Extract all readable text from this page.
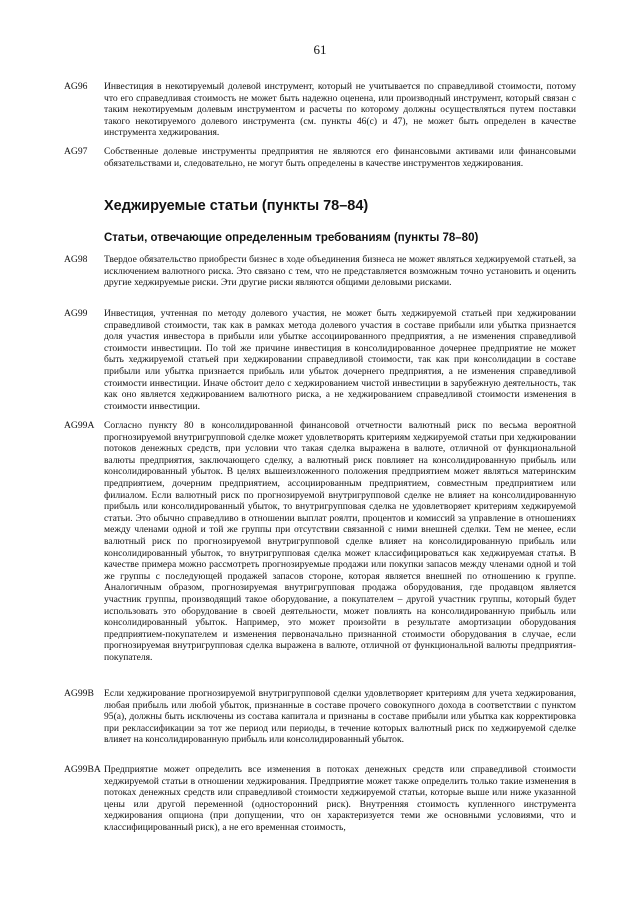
61
AG96	Инвестиция в некотируемый долевой инструмент, который не учитывается по справедливой стоимости, потому что его справедливая стоимость не может быть надежно оценена, или производный инструмент, который связан с таким некотируемым долевым инструментом и расчеты по которому должны осуществляться путем поставки такого некотируемого долевого инструмента (см. пункты 46(c) и 47), не может быть определен в качестве инструмента хеджирования.
AG97	Собственные долевые инструменты предприятия не являются его финансовыми активами или финансовыми обязательствами и, следовательно, не могут быть определены в качестве инструментов хеджирования.
Хеджируемые статьи (пункты 78–84)
Статьи, отвечающие определенным требованиям (пункты 78–80)
AG98	Твердое обязательство приобрести бизнес в ходе объединения бизнеса не может являться хеджируемой статьей, за исключением валютного риска. Это связано с тем, что не представляется возможным точно установить и оценить другие хеджируемые риски. Эти другие риски являются общими деловыми рисками.
AG99	Инвестиция, учтенная по методу долевого участия, не может быть хеджируемой статьей при хеджировании справедливой стоимости, так как в рамках метода долевого участия в составе прибыли или убытка признается доля участия инвестора в прибыли или убытке ассоциированного предприятия, а не изменения справедливой стоимости инвестиции. По той же причине инвестиция в консолидированное дочернее предприятие не может быть хеджируемой статьей при хеджировании справедливой стоимости, так как при консолидации в составе прибыли или убытка признается прибыль или убыток дочернего предприятия, а не изменения справедливой стоимости инвестиции. Иначе обстоит дело с хеджированием чистой инвестиции в зарубежную деятельность, так как оно является хеджированием валютного риска, а не хеджированием справедливой стоимости изменения в стоимости инвестиции.
AG99A	Согласно пункту 80 в консолидированной финансовой отчетности валютный риск по весьма вероятной прогнозируемой внутригрупповой сделке может удовлетворять критериям хеджируемой статьи при хеджировании потоков денежных средств, при условии что такая сделка выражена в валюте, отличной от функциональной валюты предприятия, заключающего сделку, а валютный риск повлияет на консолидированную прибыль или консолидированный убыток. В целях вышеизложенного положения предприятием может являться материнским предприятием, дочерним предприятием, ассоциированным предприятием, совместным предприятием или филиалом. Если валютный риск по прогнозируемой внутригрупповой сделке не влияет на консолидированную прибыль или консолидированный убыток, то внутригрупповая сделка не удовлетворяет критериям хеджируемой статьи. Это обычно справедливо в отношении выплат роялти, процентов и комиссий за управление в отношениях между членами одной и той же группы при отсутствии связанной с ними внешней сделки. Тем не менее, если валютный риск по прогнозируемой внутригрупповой сделке влияет на консолидированную прибыль или консолидированный убыток, то внутригрупповая сделка может классифицироваться как хеджируемая статья. В качестве примера можно рассмотреть прогнозируемые продажи или покупки запасов между членами одной и той же группы с последующей продажей запасов стороне, которая является внешней по отношению к группе. Аналогичным образом, прогнозируемая внутригрупповая продажа оборудования, где продавцом является участник группы, производящий такое оборудование, а покупателем – другой участник группы, который будет использовать это оборудование в своей деятельности, может повлиять на консолидированную прибыль или консолидированный убыток. Например, это может произойти в результате амортизации оборудования предприятием-покупателем и изменения первоначально признанной стоимости оборудования в случае, если прогнозируемая внутригрупповая сделка выражена в валюте, отличной от функциональной валюты предприятия-покупателя.
AG99B	Если хеджирование прогнозируемой внутригрупповой сделки удовлетворяет критериям для учета хеджирования, любая прибыль или любой убыток, признанные в составе прочего совокупного дохода в соответствии с пунктом 95(a), должны быть исключены из состава капитала и признаны в составе прибыли или убытка как корректировка при реклассификации за тот же период или периоды, в течение которых валютный риск по хеджируемой сделке влияет на консолидированную прибыль или консолидированный убыток.
AG99BA Предприятие может определить все изменения в потоках денежных средств или справедливой стоимости хеджируемой статьи в отношении хеджирования. Предприятие может также определить только такие изменения в потоках денежных средств или справедливой стоимости хеджируемой статьи, которые выше или ниже указанной цены или другой переменной (односторонний риск). Внутренняя стоимость купленного инструмента хеджирования опциона (при допущении, что он характеризуется теми же основными условиями, что и классифицированный риск), а не его временная стоимость,
